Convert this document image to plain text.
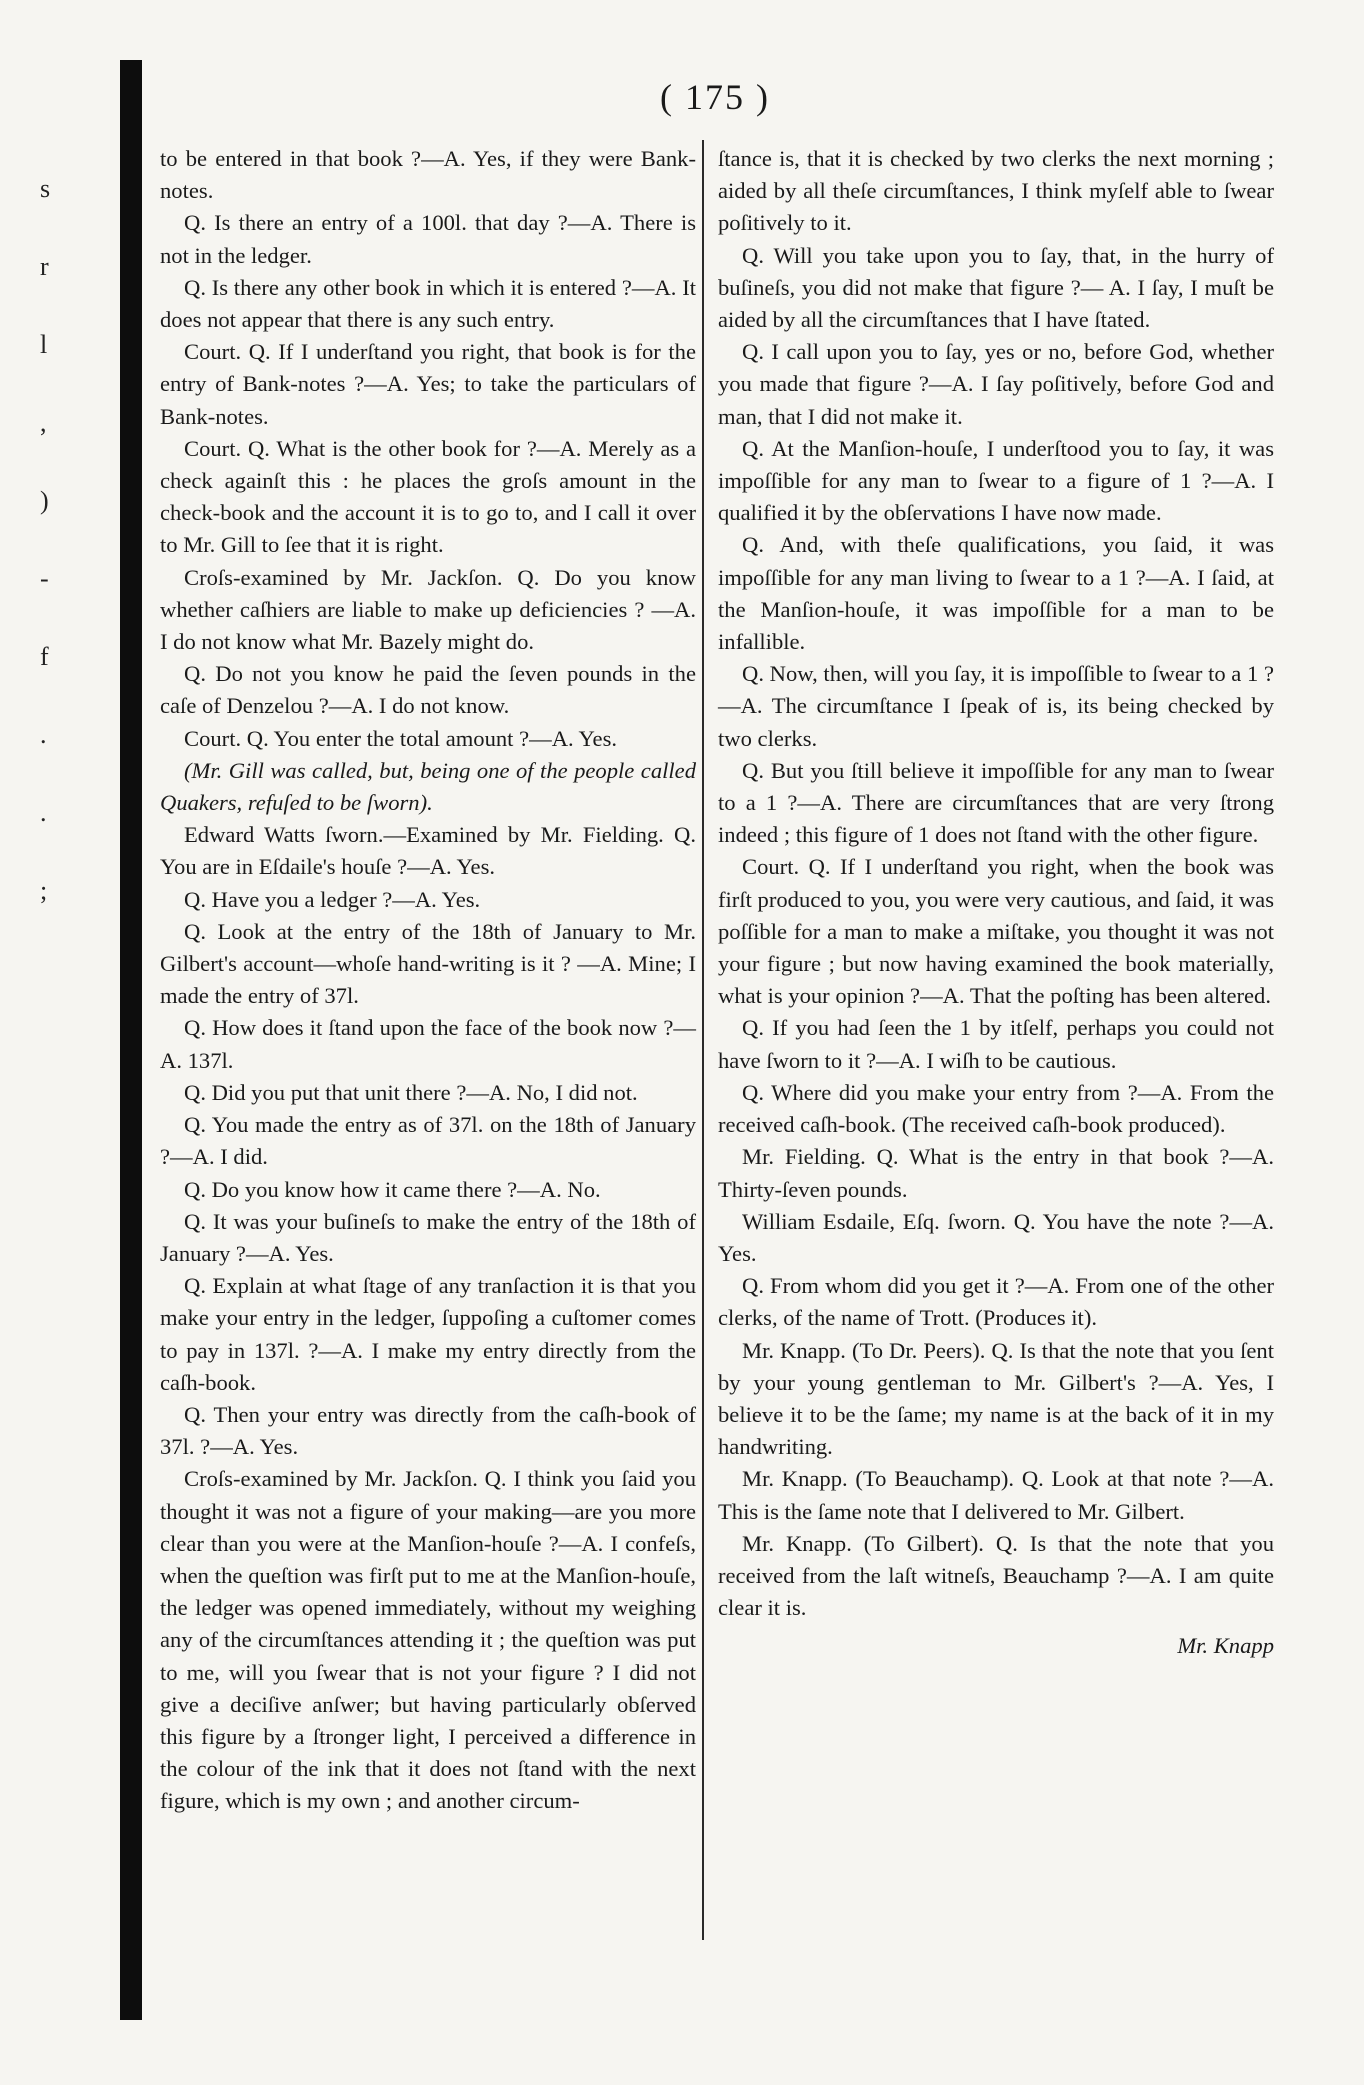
s
r
l
,
)
-
f
.
.
;
( 175 )

to be entered in that book ?—A. Yes, if they were Bank-notes.

Q. Is there an entry of a 100l. that day ?—A. There is not in the ledger.

Q. Is there any other book in which it is entered ?—A. It does not appear that there is any such entry.

Court. Q. If I underſtand you right, that book is for the entry of Bank-notes ?—A. Yes; to take the particulars of Bank-notes.

Court. Q. What is the other book for ?—A. Merely as a check againſt this : he places the groſs amount in the check-book and the account it is to go to, and I call it over to Mr. Gill to ſee that it is right.

Croſs-examined by Mr. Jackſon. Q. Do you know whether caſhiers are liable to make up deficiencies ? —A. I do not know what Mr. Bazely might do.

Q. Do not you know he paid the ſeven pounds in the caſe of Denzelou ?—A. I do not know.

Court. Q. You enter the total amount ?—A. Yes.

(Mr. Gill was called, but, being one of the people called Quakers, refuſed to be ſworn).

Edward Watts ſworn.—Examined by Mr. Fielding. Q. You are in Eſdaile's houſe ?—A. Yes.

Q. Have you a ledger ?—A. Yes.

Q. Look at the entry of the 18th of January to Mr. Gilbert's account—whoſe hand-writing is it ? —A. Mine; I made the entry of 37l.

Q. How does it ſtand upon the face of the book now ?—A. 137l.

Q. Did you put that unit there ?—A. No, I did not.

Q. You made the entry as of 37l. on the 18th of January ?—A. I did.

Q. Do you know how it came there ?—A. No.

Q. It was your buſineſs to make the entry of the 18th of January ?—A. Yes.

Q. Explain at what ſtage of any tranſaction it is that you make your entry in the ledger, ſuppoſing a cuſtomer comes to pay in 137l. ?—A. I make my entry directly from the caſh-book.

Q. Then your entry was directly from the caſh-book of 37l. ?—A. Yes.

Croſs-examined by Mr. Jackſon. Q. I think you ſaid you thought it was not a figure of your making—are you more clear than you were at the Manſion-houſe ?—A. I confeſs, when the queſtion was firſt put to me at the Manſion-houſe, the ledger was opened immediately, without my weighing any of the circumſtances attending it ; the queſtion was put to me, will you ſwear that is not your figure ? I did not give a deciſive anſwer; but having particularly obſerved this figure by a ſtronger light, I perceived a difference in the colour of the ink that it does not ſtand with the next figure, which is my own ; and another circum-

ſtance is, that it is checked by two clerks the next morning ; aided by all theſe circumſtances, I think myſelf able to ſwear poſitively to it.

Q. Will you take upon you to ſay, that, in the hurry of buſineſs, you did not make that figure ?— A. I ſay, I muſt be aided by all the circumſtances that I have ſtated.

Q. I call upon you to ſay, yes or no, before God, whether you made that figure ?—A. I ſay poſitively, before God and man, that I did not make it.

Q. At the Manſion-houſe, I underſtood you to ſay, it was impoſſible for any man to ſwear to a figure of 1 ?—A. I qualified it by the obſervations I have now made.

Q. And, with theſe qualifications, you ſaid, it was impoſſible for any man living to ſwear to a 1 ?—A. I ſaid, at the Manſion-houſe, it was impoſſible for a man to be infallible.

Q. Now, then, will you ſay, it is impoſſible to ſwear to a 1 ?—A. The circumſtance I ſpeak of is, its being checked by two clerks.

Q. But you ſtill believe it impoſſible for any man to ſwear to a 1 ?—A. There are circumſtances that are very ſtrong indeed ; this figure of 1 does not ſtand with the other figure.

Court. Q. If I underſtand you right, when the book was firſt produced to you, you were very cautious, and ſaid, it was poſſible for a man to make a miſtake, you thought it was not your figure ; but now having examined the book materially, what is your opinion ?—A. That the poſting has been altered.

Q. If you had ſeen the 1 by itſelf, perhaps you could not have ſworn to it ?—A. I wiſh to be cautious.

Q. Where did you make your entry from ?—A. From the received caſh-book. (The received caſh-book produced).

Mr. Fielding. Q. What is the entry in that book ?—A. Thirty-ſeven pounds.

William Esdaile, Eſq. ſworn. Q. You have the note ?—A. Yes.

Q. From whom did you get it ?—A. From one of the other clerks, of the name of Trott. (Produces it).

Mr. Knapp. (To Dr. Peers). Q. Is that the note that you ſent by your young gentleman to Mr. Gilbert's ?—A. Yes, I believe it to be the ſame; my name is at the back of it in my handwriting.

Mr. Knapp. (To Beauchamp). Q. Look at that note ?—A. This is the ſame note that I delivered to Mr. Gilbert.

Mr. Knapp. (To Gilbert). Q. Is that the note that you received from the laſt witneſs, Beauchamp ?—A. I am quite clear it is.

Mr. Knapp
